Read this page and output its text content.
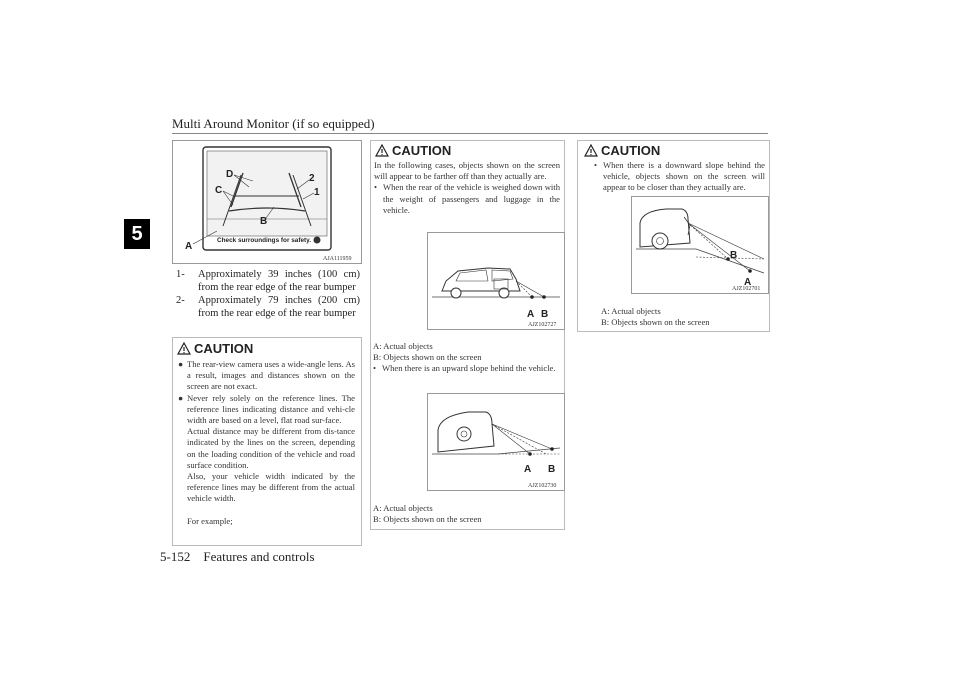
Multi Around Monitor (if so equipped)
5
D
C
B
A
2
1
Check surroundings for safety.
AJA111959
1-	Approximately 39 inches (100 cm) from the rear edge of the rear bumper
2-	Approximately 79 inches (200 cm) from the rear edge of the rear bumper
CAUTION
● The rear-view camera uses a wide-angle lens. As a result, images and distances shown on the screen are not exact.
● Never rely solely on the reference lines. The reference lines indicating distance and vehi-cle width are based on a level, flat road sur-face.
Actual distance may be different from dis-tance indicated by the lines on the screen, depending on the loading condition of the vehicle and road surface condition.
Also, your vehicle width indicated by the reference lines may be different from the actual vehicle width.
For example;
CAUTION
In the following cases, objects shown on the screen will appear to be farther off than they actually are.
• When the rear of the vehicle is weighed down with the weight of passengers and luggage in the vehicle.
A B
AJZ102727
A: Actual objects
B: Objects shown on the screen
• When there is an upward slope behind the vehicle.
A B
AJZ102730
A: Actual objects
B: Objects shown on the screen
CAUTION
• When there is a downward slope behind the vehicle, objects shown on the screen will appear to be closer than they actually are.
B
A
AJZ102701
A: Actual objects
B: Objects shown on the screen
5-152 Features and controls
